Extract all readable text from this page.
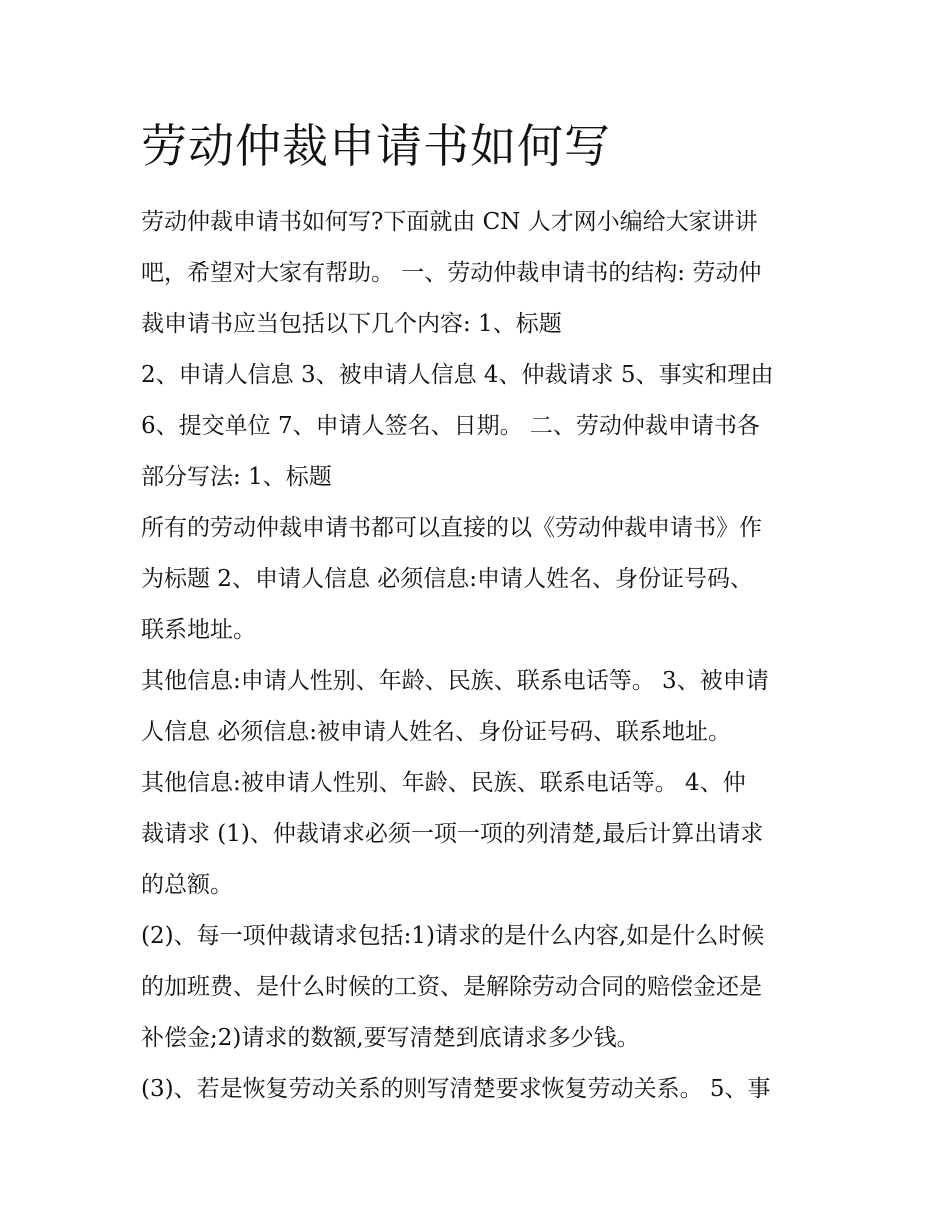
劳动仲裁申请书如何写

劳动仲裁申请书如何写?下面就由 CN 人才网小编给大家讲讲
吧，希望对大家有帮助。 一、劳动仲裁申请书的结构: 劳动仲
裁申请书应当包括以下几个内容: 1、标题

2、申请人信息 3、被申请人信息 4、仲裁请求 5、事实和理由
6、提交单位 7、申请人签名、日期。 二、劳动仲裁申请书各
部分写法: 1、标题

所有的劳动仲裁申请书都可以直接的以《劳动仲裁申请书》作
为标题 2、申请人信息 必须信息:申请人姓名、身份证号码、
联系地址。

其他信息:申请人性别、年龄、民族、联系电话等。 3、被申请
人信息 必须信息:被申请人姓名、身份证号码、联系地址。

其他信息:被申请人性别、年龄、民族、联系电话等。 4、仲
裁请求 (1)、仲裁请求必须一项一项的列清楚,最后计算出请求
的总额。

(2)、每一项仲裁请求包括:1)请求的是什么内容,如是什么时候
的加班费、是什么时候的工资、是解除劳动合同的赔偿金还是
补偿金;2)请求的数额,要写清楚到底请求多少钱。

(3)、若是恢复劳动关系的则写清楚要求恢复劳动关系。 5、事
